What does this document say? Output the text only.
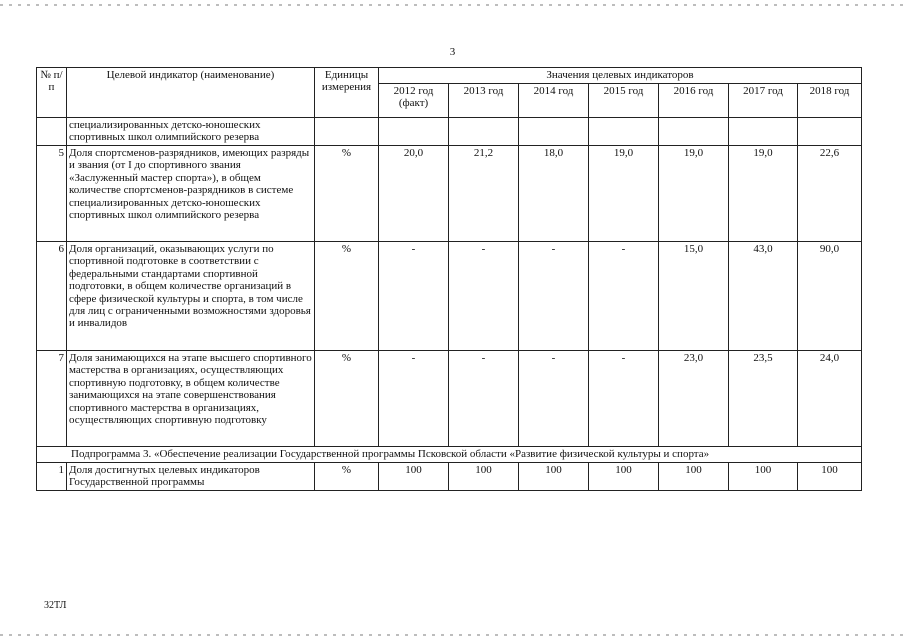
3
№ п/п	Целевой индикатор (наименование)	Единицы измерения	Значения целевых индикаторов						
			2012 год (факт)	2013 год	2014 год	2015 год	2016 год	2017 год	2018 год
	специализированных детско-юношеских спортивных школ олимпийского резерва								
5	Доля спортсменов-разрядников, имеющих разряды и звания (от I до спортивного звания «Заслуженный мастер спорта»), в общем количестве спортсменов-разрядников в системе специализированных детско-юношеских спортивных школ олимпийского резерва	%	20,0	21,2	18,0	19,0	19,0	19,0	22,6
6	Доля организаций, оказывающих услуги по спортивной подготовке в соответствии с федеральными стандартами спортивной подготовки, в общем количестве организаций в сфере физической культуры и спорта, в том числе для лиц с ограниченными возможностями здоровья и инвалидов	%	-	-	-	-	15,0	43,0	90,0
7	Доля занимающихся на этапе высшего спортивного мастерства в организациях, осуществляющих спортивную подготовку, в общем количестве занимающихся на этапе совершенствования спортивного мастерства в организациях, осуществляющих спортивную подготовку	%	-	-	-	-	23,0	23,5	24,0
Подпрограмма 3. «Обеспечение реализации Государственной программы Псковской области «Развитие физической культуры и спорта»									
1	Доля достигнутых целевых индикаторов Государственной программы	%	100	100	100	100	100	100	100
32ТЛ
